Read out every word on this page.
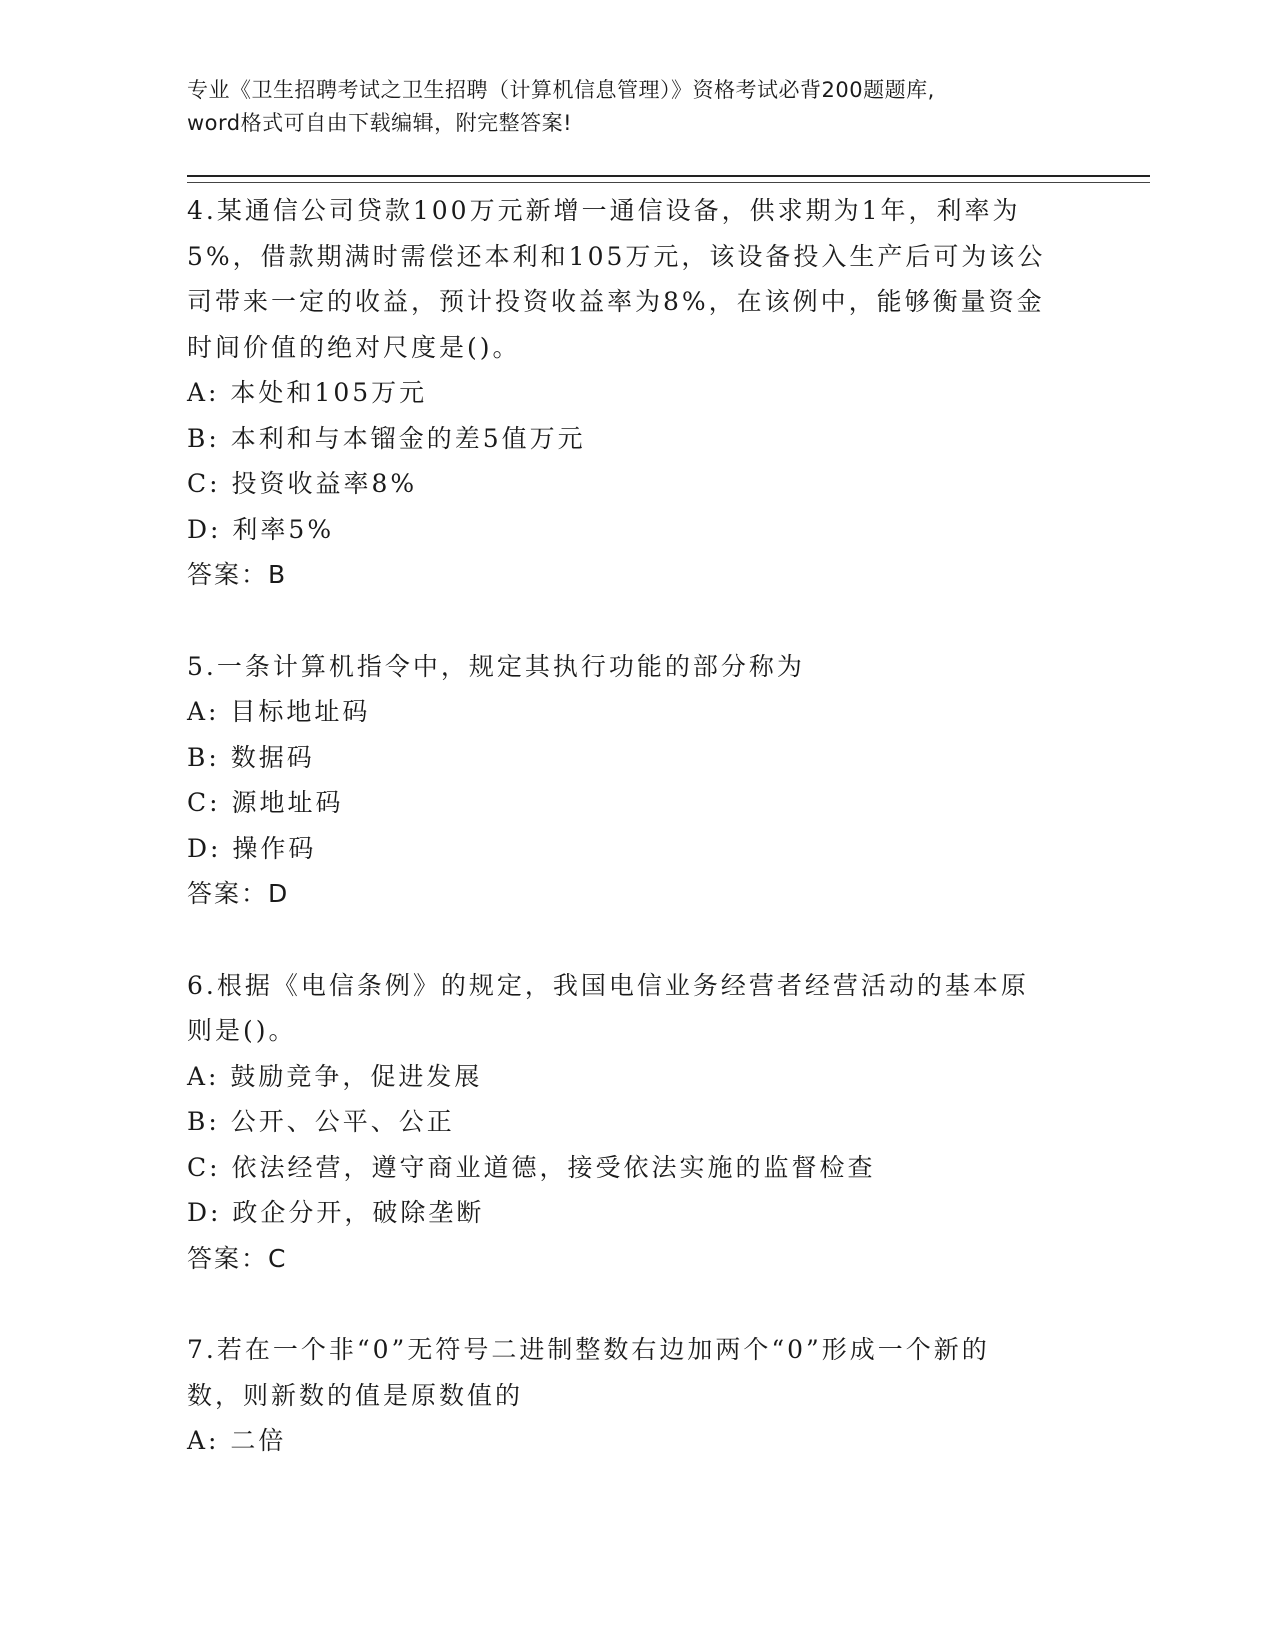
专业《卫生招聘考试之卫生招聘（计算机信息管理）》资格考试必背200题题库,
word格式可自由下载编辑，附完整答案!
4.某通信公司贷款100万元新增一通信设备，供求期为1年，利率为
5%，借款期满时需偿还本利和105万元，该设备投入生产后可为该公
司带来一定的收益，预计投资收益率为8%，在该例中，能够衡量资金
时间价值的绝对尺度是()。
A: 本处和105万元
B: 本利和与本镏金的差5值万元
C: 投资收益率8%
D: 利率5%
答案：B
5.一条计算机指令中，规定其执行功能的部分称为
A: 目标地址码
B: 数据码
C: 源地址码
D: 操作码
答案：D
6.根据《电信条例》的规定，我国电信业务经营者经营活动的基本原
则是()。
A: 鼓励竞争，促进发展
B: 公开、公平、公正
C: 依法经营，遵守商业道德，接受依法实施的监督检查
D: 政企分开，破除垄断
答案：C
7.若在一个非“0”无符号二进制整数右边加两个“0”形成一个新的
数，则新数的值是原数值的
A: 二倍
